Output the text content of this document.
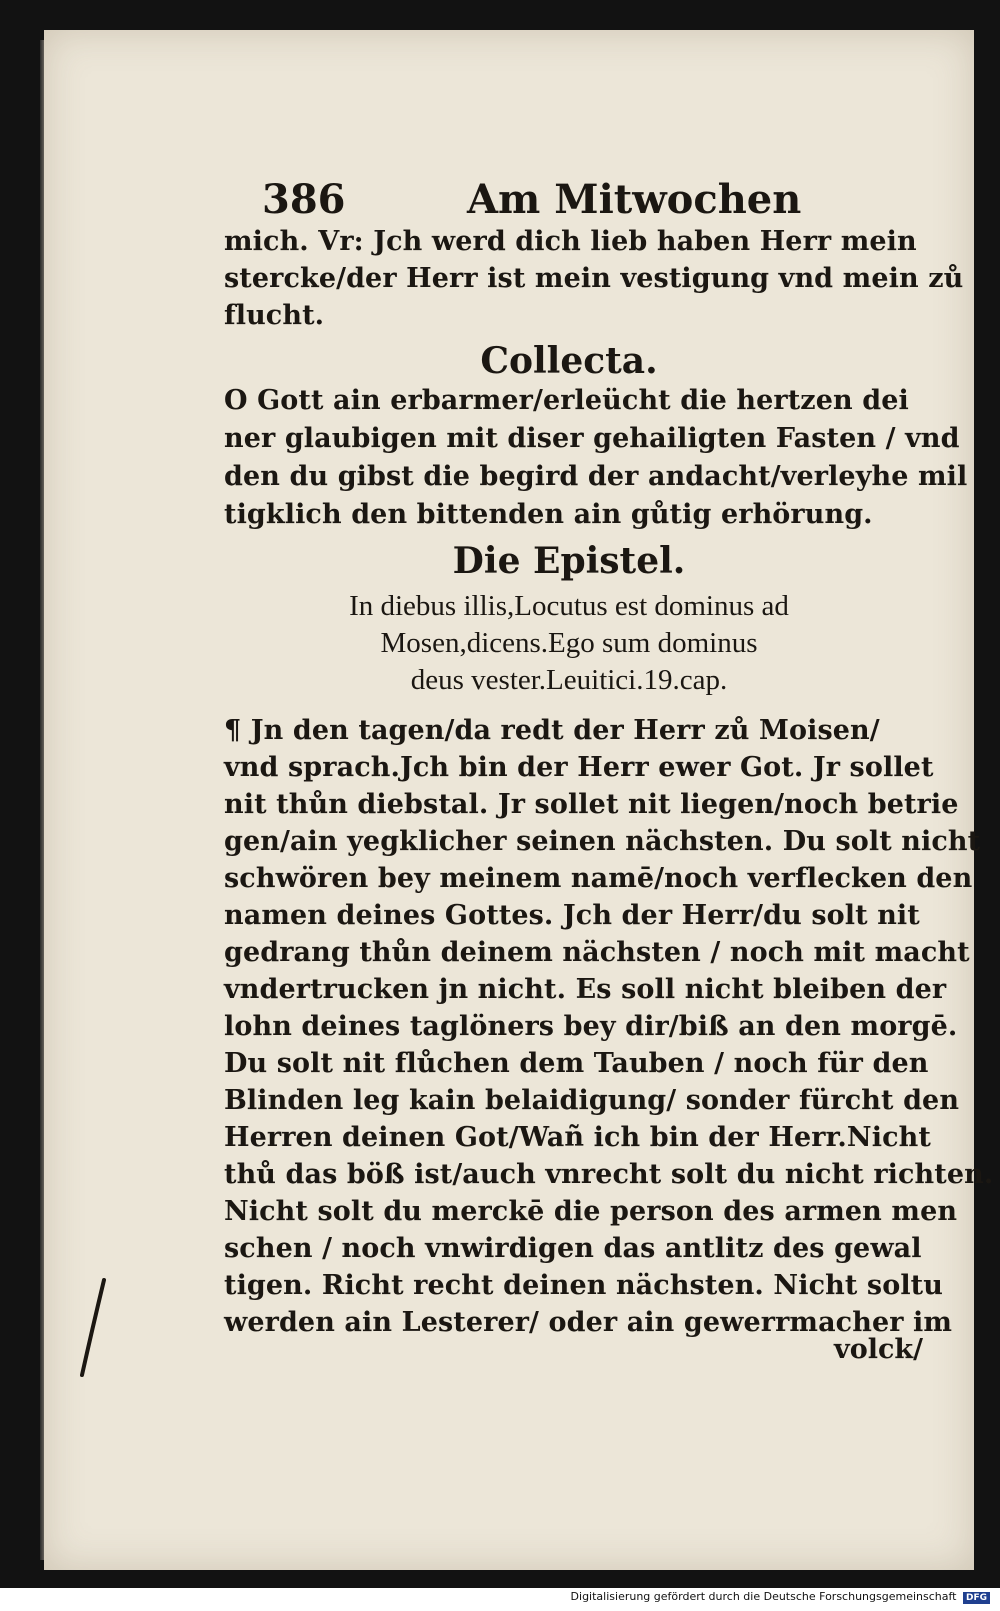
386	Am Mitwochen
mich. Vr: Jch werd dich lieb haben Herr mein
stercke/der Herr ist mein vestigung vnd mein zů
flucht.
Collecta.
O Gott ain erbarmer/erleücht die hertzen dei
ner glaubigen mit diser gehailigten Fasten / vnd
den du gibst die begird der andacht/verleyhe mil
tigklich den bittenden ain gůtig erhörung.
Die Epistel.
In diebus illis,Locutus est dominus ad
Mosen,dicens.Ego sum dominus
deus vester.Leuitici.19.cap.
¶ Jn den tagen/da redt der Herr zů Moisen/
vnd sprach.Jch bin der Herr ewer Got. Jr sollet
nit thůn diebstal. Jr sollet nit liegen/noch betrie
gen/ain yegklicher seinen nächsten. Du solt nicht
schwören bey meinem namē/noch verflecken den
namen deines Gottes. Jch der Herr/du solt nit
gedrang thůn deinem nächsten / noch mit macht
vndertrucken jn nicht. Es soll nicht bleiben der
lohn deines taglöners bey dir/biß an den morgē.
Du solt nit flůchen dem Tauben / noch für den
Blinden leg kain belaidigung/ sonder fürcht den
Herren deinen Got/Wañ ich bin der Herr.Nicht
thů das böß ist/auch vnrecht solt du nicht richten.
Nicht solt du merckē die person des armen men
schen / noch vnwirdigen das antlitz des gewal
tigen. Richt recht deinen nächsten. Nicht soltu
werden ain Lesterer/ oder ain gewerrmacher im
volck/
Digitalisierung gefördert durch die Deutsche Forschungsgemeinschaft DFG
